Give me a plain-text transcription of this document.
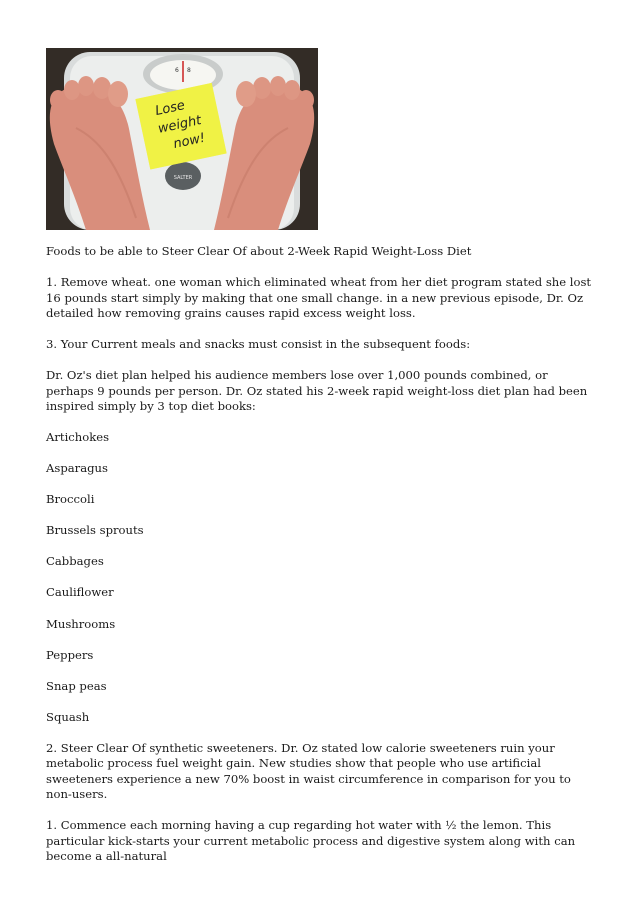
6 8
SALTER
Lose
weight
now!

Foods to be able to Steer Clear Of about 2-Week Rapid Weight-Loss Diet

1. Remove wheat. one woman which eliminated wheat from her diet program stated she lost 16 pounds start simply by making that one small change. in a new previous episode, Dr. Oz detailed how removing grains causes rapid excess weight loss.

3. Your Current meals and snacks must consist in the subsequent foods:

Dr. Oz's diet plan helped his audience members lose over 1,000 pounds combined, or perhaps 9 pounds per person. Dr. Oz stated his 2-week rapid weight-loss diet plan had been inspired simply by 3 top diet books:

Artichokes
Asparagus
Broccoli
Brussels sprouts
Cabbages
Cauliflower
Mushrooms
Peppers
Snap peas
Squash

2. Steer Clear Of synthetic sweeteners. Dr. Oz stated low calorie sweeteners ruin your metabolic process fuel weight gain. New studies show that people who use artificial sweeteners experience a new 70% boost in waist circumference in comparison for you to non-users.

1. Commence each morning having a cup regarding hot water with ½ the lemon. This particular kick-starts your current metabolic process and digestive system along with can become a all-natural
